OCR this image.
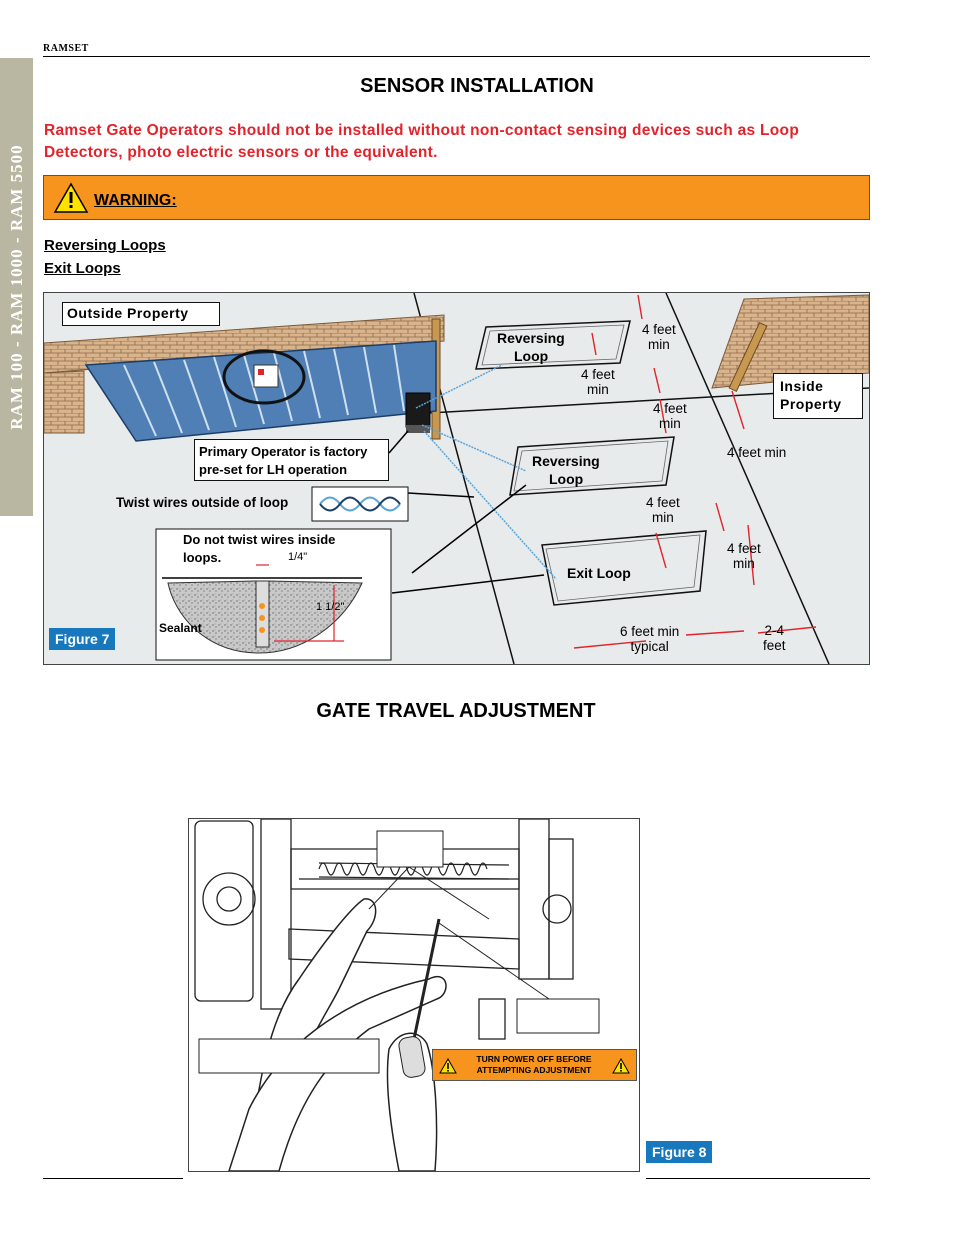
RAMSET
RAM 100 - RAM 1000 - RAM 5500
SENSOR INSTALLATION
Ramset Gate Operators should not be installed without non-contact sensing devices such as Loop Detectors, photo electric sensors or the equivalent.
WARNING:
Reversing Loops
Exit Loops
Outside Property
Inside
Property
Primary Operator is factory
pre-set for LH operation
Twist wires outside of loop
Do not twist wires inside
loops.	1/4"
1 1/2"
Sealant
Reversing
Loop
Reversing
Loop
Exit Loop
4 feet
min
4 feet
min
4 feet
min
4 feet min
4 feet
min
4 feet
min
6 feet min
typical
2-4
feet
Figure 7
GATE TRAVEL ADJUSTMENT
TURN POWER OFF BEFORE
ATTEMPTING ADJUSTMENT
Figure 8
